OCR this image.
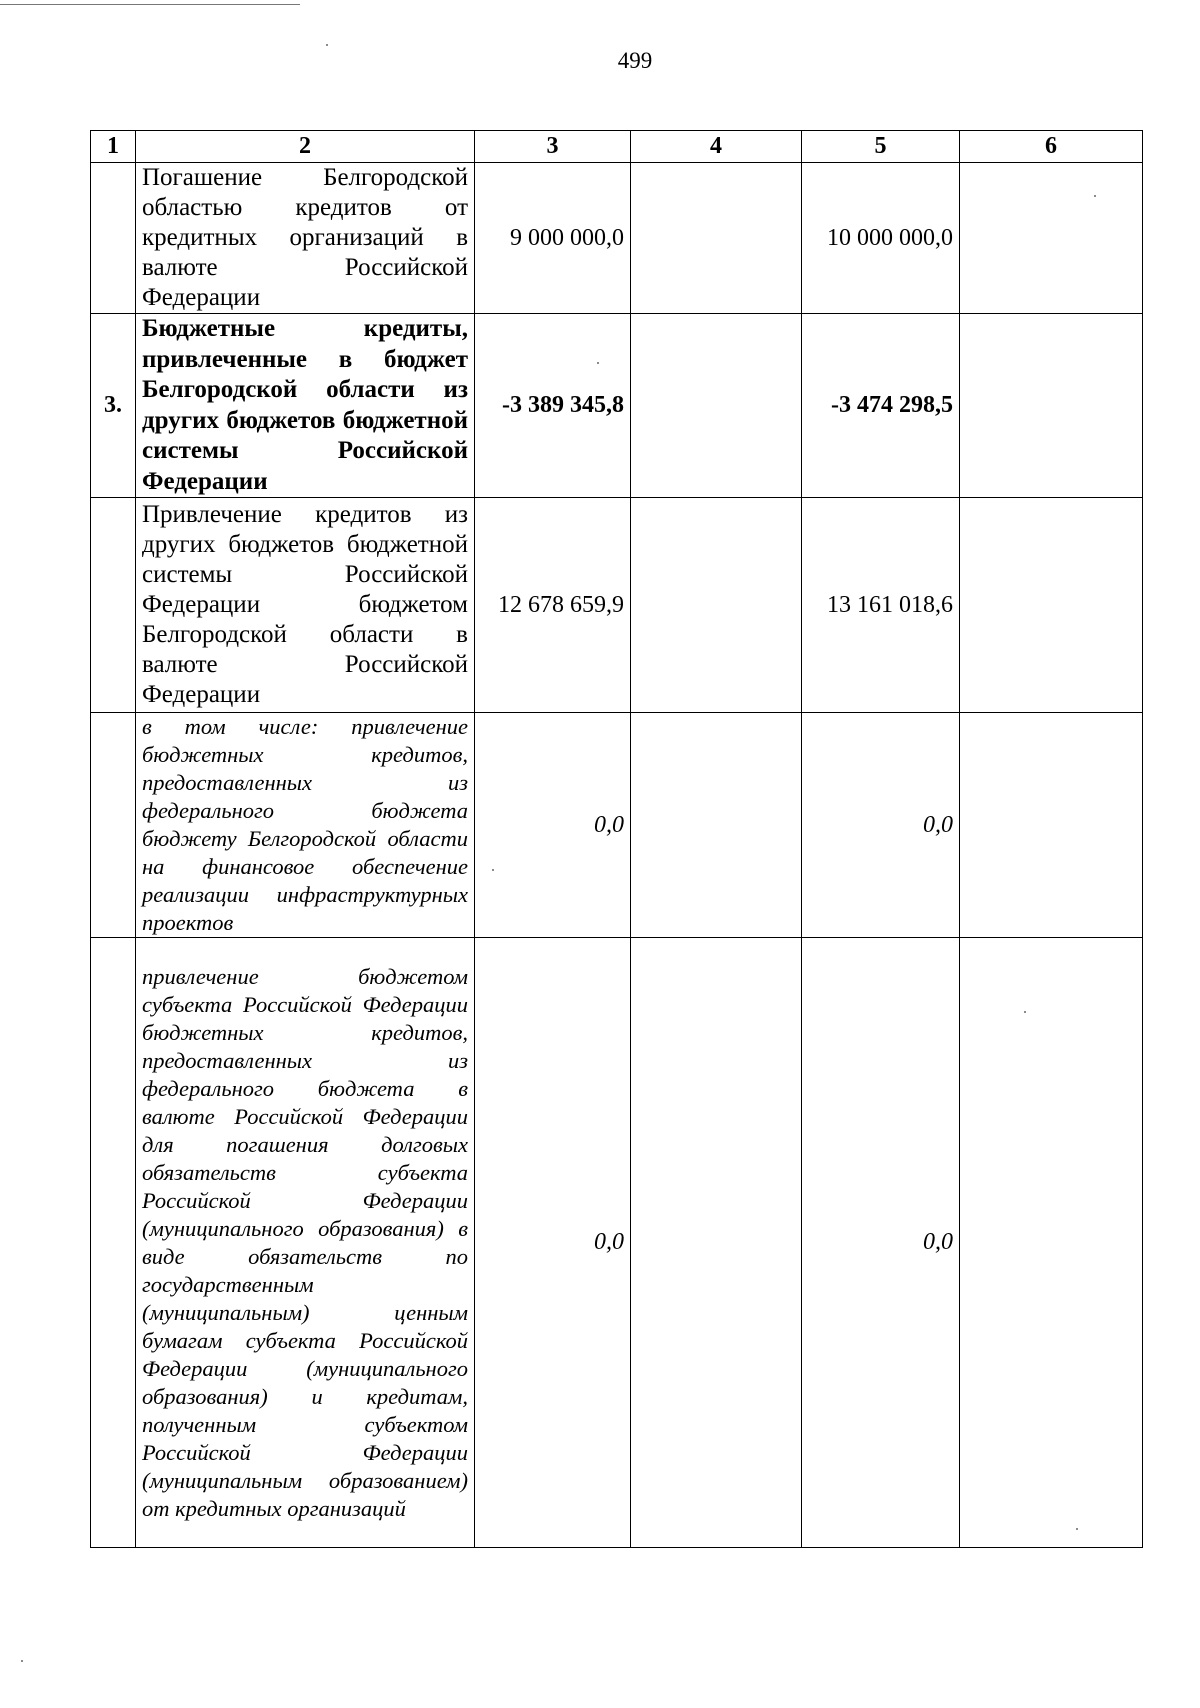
499
1	2	3	4	5	6
	Погашение Белгородской областью кредитов от кредитных организаций в валюте Российской Федерации	9 000 000,0		10 000 000,0	
3.	Бюджетные кредиты, привлеченные в бюджет Белгородской области из других бюджетов бюджетной системы Российской Федерации	-3 389 345,8		-3 474 298,5	
	Привлечение кредитов из других бюджетов бюджетной системы Российской Федерации бюджетом Белгородской области в валюте Российской Федерации	12 678 659,9		13 161 018,6	
	в том числе: привлечение бюджетных кредитов, предоставленных из федерального бюджета бюджету Белгородской области на финансовое обеспечение реализации инфраструктурных проектов	0,0		0,0	
	привлечение бюджетом субъекта Российской Федерации бюджетных кредитов, предоставленных из федерального бюджета в валюте Российской Федерации для погашения долговых обязательств субъекта Российской Федерации (муниципального образования) в виде обязательств по государственным (муниципальным) ценным бумагам субъекта Российской Федерации (муниципального образования) и кредитам, полученным субъектом Российской Федерации (муниципальным образованием) от кредитных организаций	0,0		0,0	
